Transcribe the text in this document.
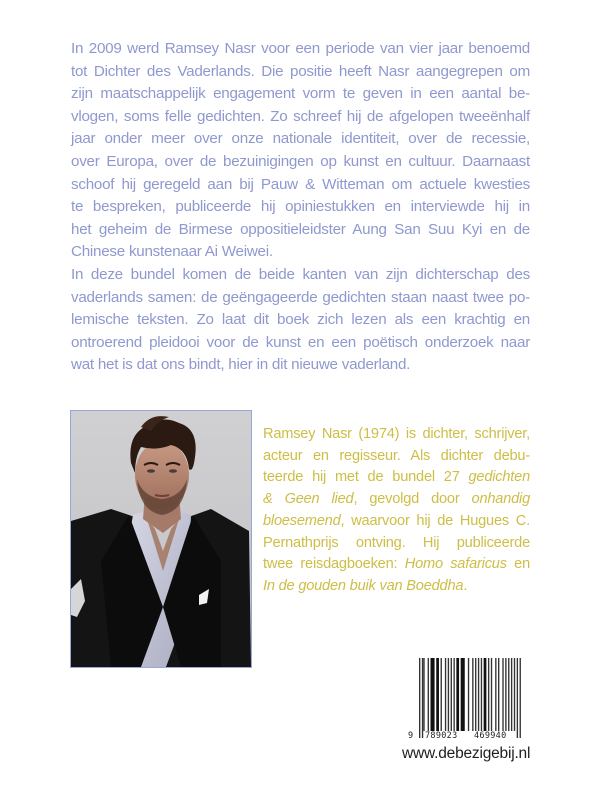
In 2009 werd Ramsey Nasr voor een periode van vier jaar benoemd
tot Dichter des Vaderlands. Die positie heeft Nasr aangegrepen om
zijn maatschappelijk engagement vorm te geven in een aantal be-
vlogen, soms felle gedichten. Zo schreef hij de afgelopen tweeënhalf
jaar onder meer over onze nationale identiteit, over de recessie,
over Europa, over de bezuinigingen op kunst en cultuur. Daarnaast
schoof hij geregeld aan bij Pauw & Witteman om actuele kwesties
te bespreken, publiceerde hij opiniestukken en interviewde hij in
het geheim de Birmese oppositieleidster Aung San Suu Kyi en de
Chinese kunstenaar Ai Weiwei.

In deze bundel komen de beide kanten van zijn dichterschap des
vaderlands samen: de geëngageerde gedichten staan naast twee po-
lemische teksten. Zo laat dit boek zich lezen als een krachtig en
ontroerend pleidooi voor de kunst en een poëtisch onderzoek naar
wat het is dat ons bindt, hier in dit nieuwe vaderland.

Ramsey Nasr (1974) is dichter, schrijver,
acteur en regisseur. Als dichter debu-
teerde hij met de bundel 27 gedichten
& Geen lied, gevolgd door onhandig
bloesemend, waarvoor hij de Hugues C.
Pernathprijs ontving. Hij publiceerde
twee reisdagboeken: Homo safaricus en
In de gouden buik van Boeddha.
9 789023 469940
www.debezigebij.nl
